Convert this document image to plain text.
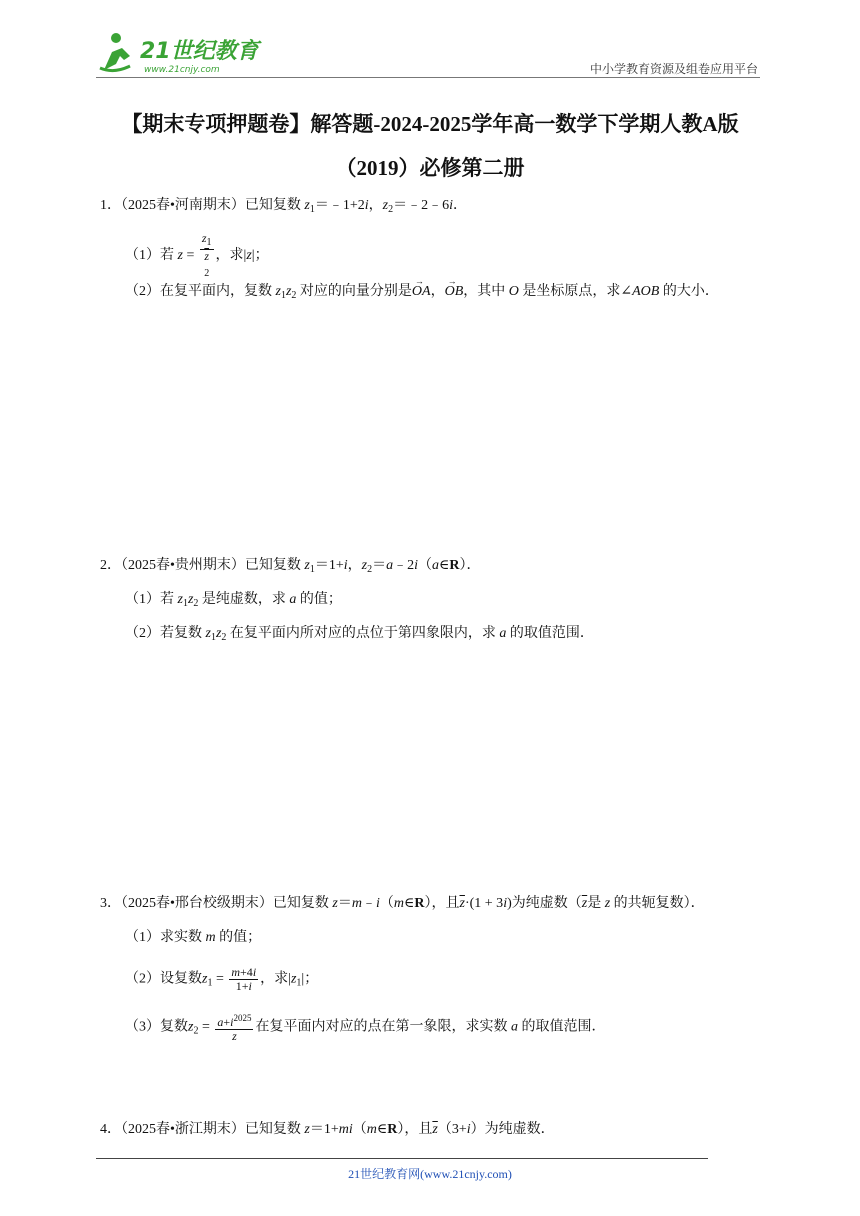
21世纪教育
www.21cnjy.com	中小学教育资源及组卷应用平台
【期末专项押题卷】解答题-2024-2025学年高一数学下学期人教A版
（2019）必修第二册
1．（2025春•河南期末）已知复数 $z_1=﹣1+2i$，$z_2=﹣2﹣6i$．
（1）若 $z = z_1$
$\overline{z}$
$_2$ ，求|z|；
（2）在复平面内，复数 $z_1z_2$ 对应的向量分别是→ OA，→ OB，其中 O 是坐标原点，求∠AOB 的大小．
2．（2025春•贵州期末）已知复数 $z_1=1+i$，$z_2=a﹣2i(a\in R)$．
（1）若 $z_1z_2$ 是纯虚数，求 a 的值；
（2）若复数 $z_1z_2$ 在复平面内所对应的点位于第四象限内，求 a 的取值范围．
3．（2025春•邢台校级期末）已知复数 z＝m﹣i（m∈R），且$\overline{z}\cdot(1 + 3i)$为纯虚数（$\overline{z}$是 z 的共轭复数）．
（1）求实数 m 的值；
（2）设复数$z_1 = \frac{m+4i}{1+i}$ ，求$|z_1|$；
（3）复数$z_2 = \frac{a+i^{2025}}{z}$ 在复平面内对应的点在第一象限，求实数 a 的取值范围．
4．（2025春•浙江期末）已知复数 z＝1+mi（m∈R），且$\overline{z}(3+i)$为纯虚数．
21世纪教育网(www.21cnjy.com)
